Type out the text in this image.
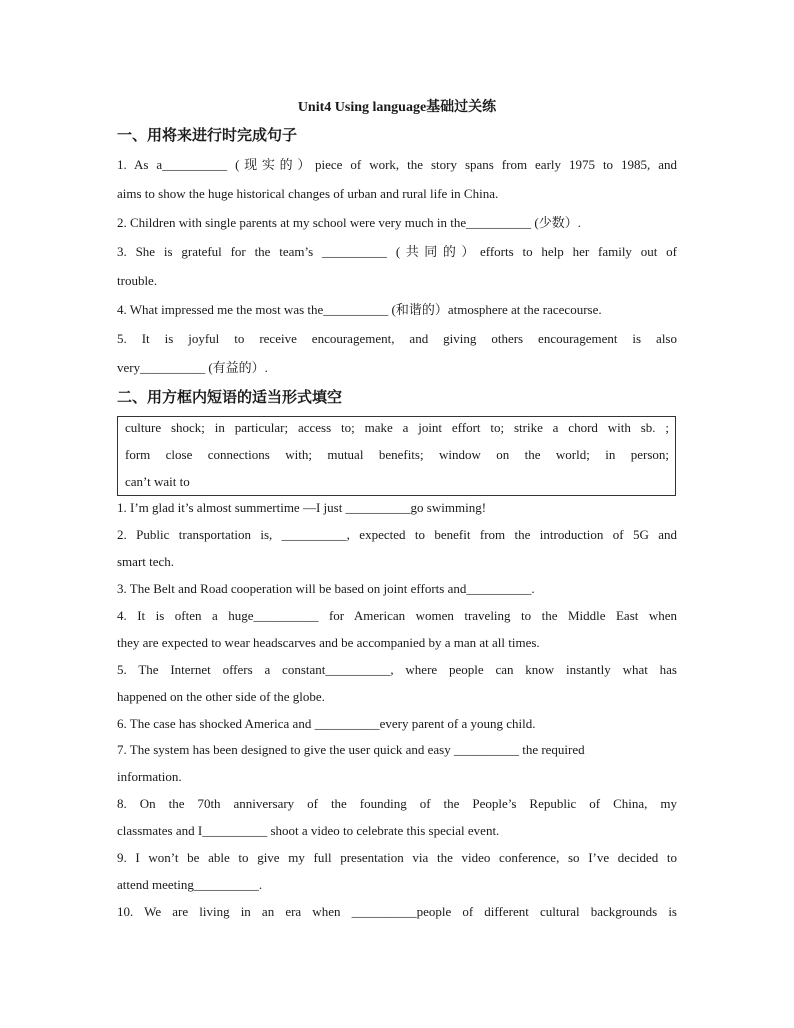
Unit4 Using language基础过关练
一、用将来进行时完成句子
1. As a__________ (现实的）piece of work, the story spans from early 1975 to 1985, and
aims to show the huge historical changes of urban and rural life in China.
2. Children with single parents at my school were very much in the__________ (少数）.
3. She is grateful for the team’s __________ (共同的）efforts to help her family out of
trouble.
4. What impressed me the most was the__________ (和谐的）atmosphere at the racecourse.
5. It is joyful to receive encouragement, and giving others encouragement is also
very__________ (有益的）.
二、用方框内短语的适当形式填空
culture shock; in particular; access to; make a joint effort to; strike a chord with sb. ;
form close connections with; mutual benefits; window on the world; in person;
can’t wait to
1. I’m glad it’s almost summertime —I just __________go swimming!
2. Public transportation is, __________, expected to benefit from the introduction of 5G and
smart tech.
3. The Belt and Road cooperation will be based on joint efforts and__________.
4. It is often a huge__________ for American women traveling to the Middle East when
they are expected to wear headscarves and be accompanied by a man at all times.
5. The Internet offers a constant__________, where people can know instantly what has
happened on the other side of the globe.
6. The case has shocked America and __________every parent of a young child.
7. The system has been designed to give the user quick and easy __________ the required
information.
8. On the 70th anniversary of the founding of the People’s Republic of China, my
classmates and I__________ shoot a video to celebrate this special event.
9. I won’t be able to give my full presentation via the video conference, so I’ve decided to
attend meeting__________.
10. We are living in an era when __________people of different cultural backgrounds is
